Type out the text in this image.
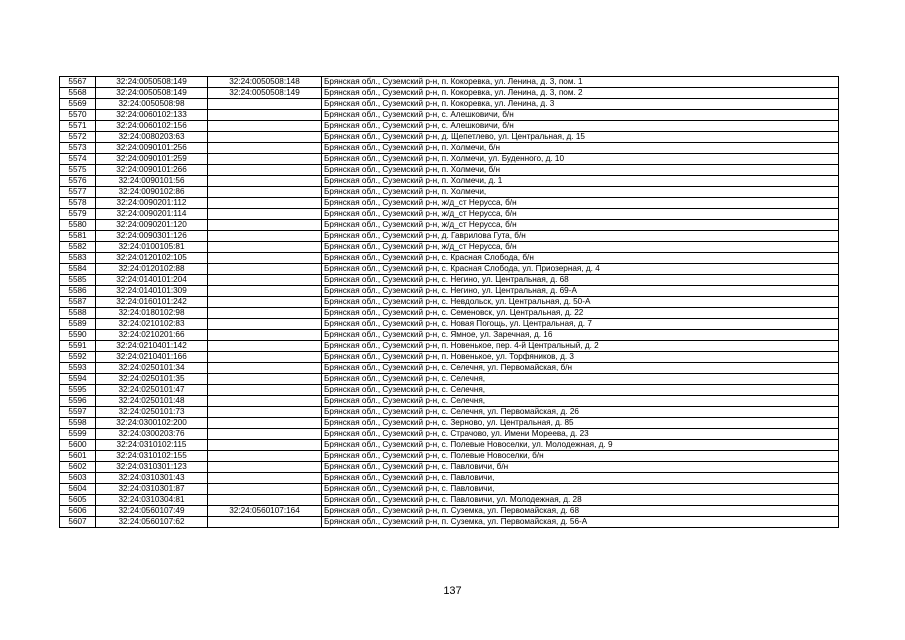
5567	32:24:0050508:149	32:24:0050508:148	Брянская обл., Суземский р-н, п. Кокоревка, ул. Ленина, д. 3, пом. 1
5568	32:24:0050508:149	32:24:0050508:149	Брянская обл., Суземский р-н, п. Кокоревка, ул. Ленина, д. 3, пом. 2
5569	32:24:0050508:98		Брянская обл., Суземский р-н, п. Кокоревка, ул. Ленина, д. 3
5570	32:24:0060102:133		Брянская обл., Суземский р-н, с. Алешковичи, б/н
5571	32:24:0060102:156		Брянская обл., Суземский р-н, с. Алешковичи, б/н
5572	32:24:0080203:63		Брянская обл., Суземский р-н, д. Щепетлево, ул. Центральная, д. 15
5573	32:24:0090101:256		Брянская обл., Суземский р-н, п. Холмечи, б/н
5574	32:24:0090101:259		Брянская обл., Суземский р-н, п. Холмечи, ул. Буденного, д. 10
5575	32:24:0090101:266		Брянская обл., Суземский р-н, п. Холмечи, б/н
5576	32:24:0090101:56		Брянская обл., Суземский р-н, п. Холмечи, д. 1
5577	32:24:0090102:86		Брянская обл., Суземский р-н, п. Холмечи,
5578	32:24:0090201:112		Брянская обл., Суземский р-н, ж/д_ст Нерусса, б/н
5579	32:24:0090201:114		Брянская обл., Суземский р-н, ж/д_ст Нерусса, б/н
5580	32:24:0090201:120		Брянская обл., Суземский р-н, ж/д_ст Нерусса, б/н
5581	32:24:0090301:126		Брянская обл., Суземский р-н, д. Гаврилова Гута, б/н
5582	32:24:0100105:81		Брянская обл., Суземский р-н, ж/д_ст Нерусса, б/н
5583	32:24:0120102:105		Брянская обл., Суземский р-н, с. Красная Слобода, б/н
5584	32:24:0120102:88		Брянская обл., Суземский р-н, с. Красная Слобода, ул. Приозерная, д. 4
5585	32:24:0140101:204		Брянская обл., Суземский р-н, с. Негино, ул. Центральная, д. 68
5586	32:24:0140101:309		Брянская обл., Суземский р-н, с. Негино, ул. Центральная, д. 69-А
5587	32:24:0160101:242		Брянская обл., Суземский р-н, с. Невдольск, ул. Центральная, д. 50-А
5588	32:24:0180102:98		Брянская обл., Суземский р-н, с. Семеновск, ул. Центральная, д. 22
5589	32:24:0210102:83		Брянская обл., Суземский р-н, с. Новая Погощь, ул. Центральная, д. 7
5590	32:24:0210201:66		Брянская обл., Суземский р-н, с. Ямное, ул. Заречная, д. 16
5591	32:24:0210401:142		Брянская обл., Суземский р-н, п. Новенькое, пер. 4-й Центральный, д. 2
5592	32:24:0210401:166		Брянская обл., Суземский р-н, п. Новенькое, ул. Торфяников, д. 3
5593	32:24:0250101:34		Брянская обл., Суземский р-н, с. Селечня, ул. Первомайская, б/н
5594	32:24:0250101:35		Брянская обл., Суземский р-н, с. Селечня,
5595	32:24:0250101:47		Брянская обл., Суземский р-н, с. Селечня,
5596	32:24:0250101:48		Брянская обл., Суземский р-н, с. Селечня,
5597	32:24:0250101:73		Брянская обл., Суземский р-н, с. Селечня, ул. Первомайская, д. 26
5598	32:24:0300102:200		Брянская обл., Суземский р-н, с. Зерново, ул. Центральная, д. 85
5599	32:24:0300203:76		Брянская обл., Суземский р-н, с. Страчово, ул. Имени Мореева, д. 23
5600	32:24:0310102:115		Брянская обл., Суземский р-н, с. Полевые Новоселки, ул. Молодежная, д. 9
5601	32:24:0310102:155		Брянская обл., Суземский р-н, с. Полевые Новоселки, б/н
5602	32:24:0310301:123		Брянская обл., Суземский р-н, с. Павловичи, б/н
5603	32:24:0310301:43		Брянская обл., Суземский р-н, с. Павловичи,
5604	32:24:0310301:87		Брянская обл., Суземский р-н, с. Павловичи,
5605	32:24:0310304:81		Брянская обл., Суземский р-н, с. Павловичи, ул. Молодежная, д. 28
5606	32:24:0560107:49	32:24:0560107:164	Брянская обл., Суземский р-н, п. Суземка, ул. Первомайская, д. 68
5607	32:24:0560107:62		Брянская обл., Суземский р-н, п. Суземка, ул. Первомайская, д. 56-А
137
